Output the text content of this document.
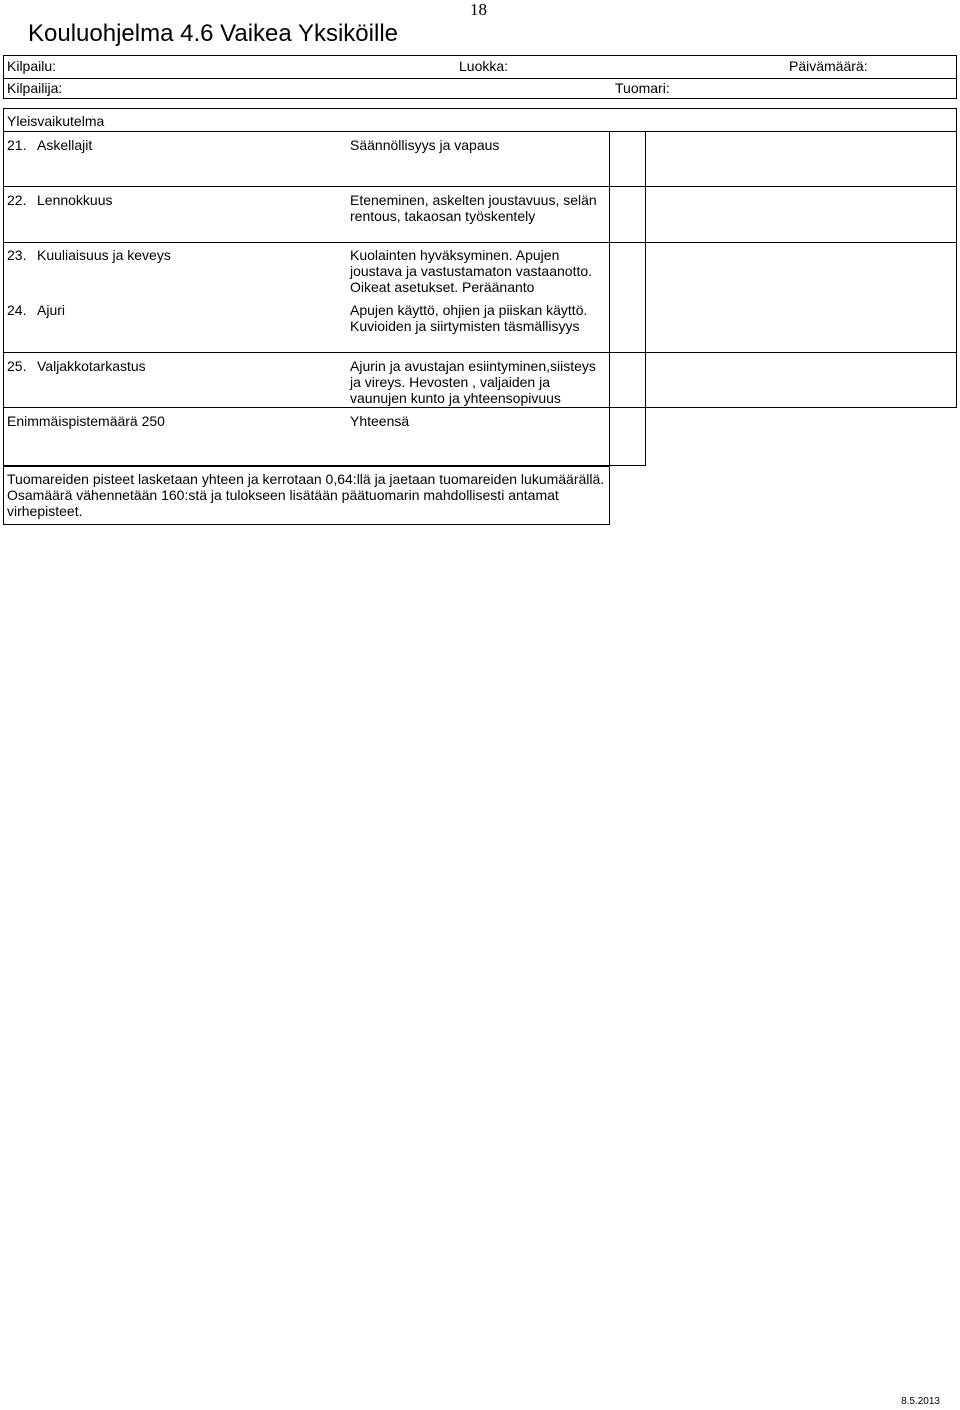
18
Kouluohjelma 4.6 Vaikea Yksiköille
Kilpailu:	Luokka:	Päivämäärä:
Kilpailija:	Tuomari:
Yleisvaikutelma
21. Askellajit	Säännöllisyys ja vapaus
22. Lennokkuus	Eteneminen, askelten joustavuus, selän rentous, takaosan työskentely
23. Kuuliaisuus ja keveys	Kuolainten hyväksyminen. Apujen joustava ja vastustamaton vastaanotto. Oikeat asetukset. Peräänanto
24. Ajuri	Apujen käyttö, ohjien ja piiskan käyttö. Kuvioiden ja siirtymisten täsmällisyys
25. Valjakkotarkastus	Ajurin ja avustajan esiintyminen,siisteys ja vireys. Hevosten , valjaiden ja vaunujen kunto ja yhteensopivuus
Enimmäispistemäärä 250	Yhteensä
Tuomareiden pisteet lasketaan yhteen ja kerrotaan 0,64:llä ja jaetaan tuomareiden lukumäärällä. Osamäärä vähennetään 160:stä ja tulokseen lisätään päätuomarin mahdollisesti antamat virhepisteet.
8.5.2013
